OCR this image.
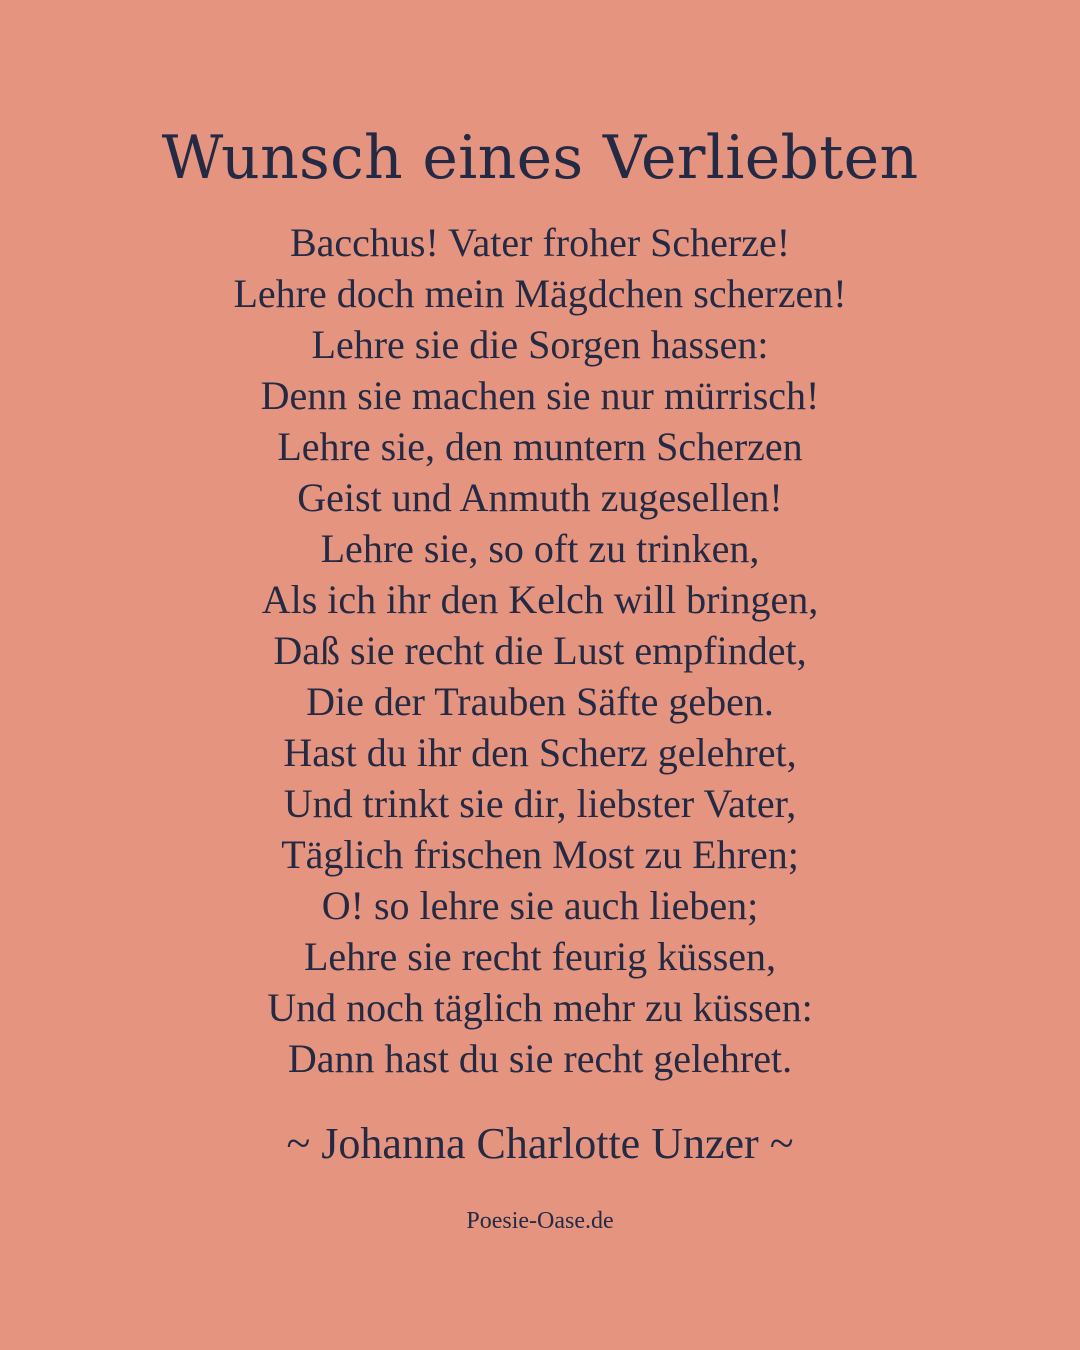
Wunsch eines Verliebten
Bacchus! Vater froher Scherze!
Lehre doch mein Mägdchen scherzen!
Lehre sie die Sorgen hassen:
Denn sie machen sie nur mürrisch!
Lehre sie, den muntern Scherzen
Geist und Anmuth zugesellen!
Lehre sie, so oft zu trinken,
Als ich ihr den Kelch will bringen,
Daß sie recht die Lust empfindet,
Die der Trauben Säfte geben.
Hast du ihr den Scherz gelehret,
Und trinkt sie dir, liebster Vater,
Täglich frischen Most zu Ehren;
O! so lehre sie auch lieben;
Lehre sie recht feurig küssen,
Und noch täglich mehr zu küssen:
Dann hast du sie recht gelehret.
~ Johanna Charlotte Unzer ~
Poesie-Oase.de
